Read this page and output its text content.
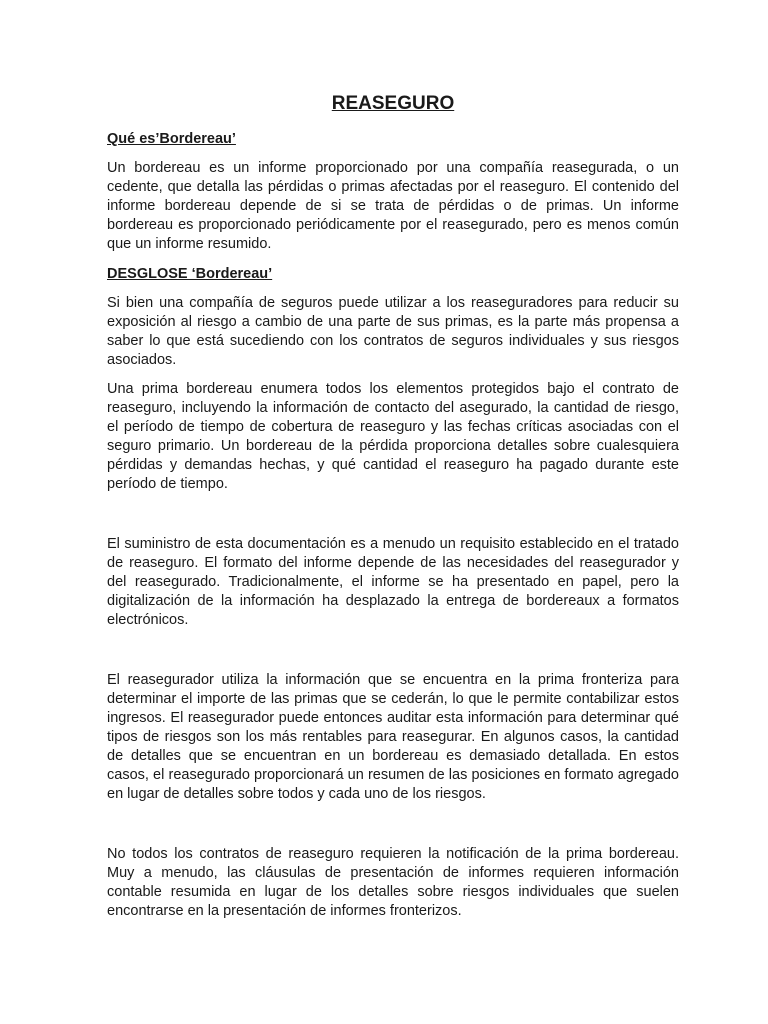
REASEGURO
Qué es’Bordereau’

Un bordereau es un informe proporcionado por una compañía reasegurada, o un cedente, que detalla las pérdidas o primas afectadas por el reaseguro. El contenido del informe bordereau depende de si se trata de pérdidas o de primas. Un informe bordereau es proporcionado periódicamente por el reasegurado, pero es menos común que un informe resumido.

DESGLOSE ‘Bordereau’

Si bien una compañía de seguros puede utilizar a los reaseguradores para reducir su exposición al riesgo a cambio de una parte de sus primas, es la parte más propensa a saber lo que está sucediendo con los contratos de seguros individuales y sus riesgos asociados.

Una prima bordereau enumera todos los elementos protegidos bajo el contrato de reaseguro, incluyendo la información de contacto del asegurado, la cantidad de riesgo, el período de tiempo de cobertura de reaseguro y las fechas críticas asociadas con el seguro primario. Un bordereau de la pérdida proporciona detalles sobre cualesquiera pérdidas y demandas hechas, y qué cantidad el reaseguro ha pagado durante este período de tiempo.

El suministro de esta documentación es a menudo un requisito establecido en el tratado de reaseguro. El formato del informe depende de las necesidades del reasegurador y del reasegurado. Tradicionalmente, el informe se ha presentado en papel, pero la digitalización de la información ha desplazado la entrega de bordereaux a formatos electrónicos.

El reasegurador utiliza la información que se encuentra en la prima fronteriza para determinar el importe de las primas que se cederán, lo que le permite contabilizar estos ingresos. El reasegurador puede entonces auditar esta información para determinar qué tipos de riesgos son los más rentables para reasegurar. En algunos casos, la cantidad de detalles que se encuentran en un bordereau es demasiado detallada. En estos casos, el reasegurado proporcionará un resumen de las posiciones en formato agregado en lugar de detalles sobre todos y cada uno de los riesgos.

No todos los contratos de reaseguro requieren la notificación de la prima bordereau. Muy a menudo, las cláusulas de presentación de informes requieren información contable resumida en lugar de los detalles sobre riesgos individuales que suelen encontrarse en la presentación de informes fronterizos.
